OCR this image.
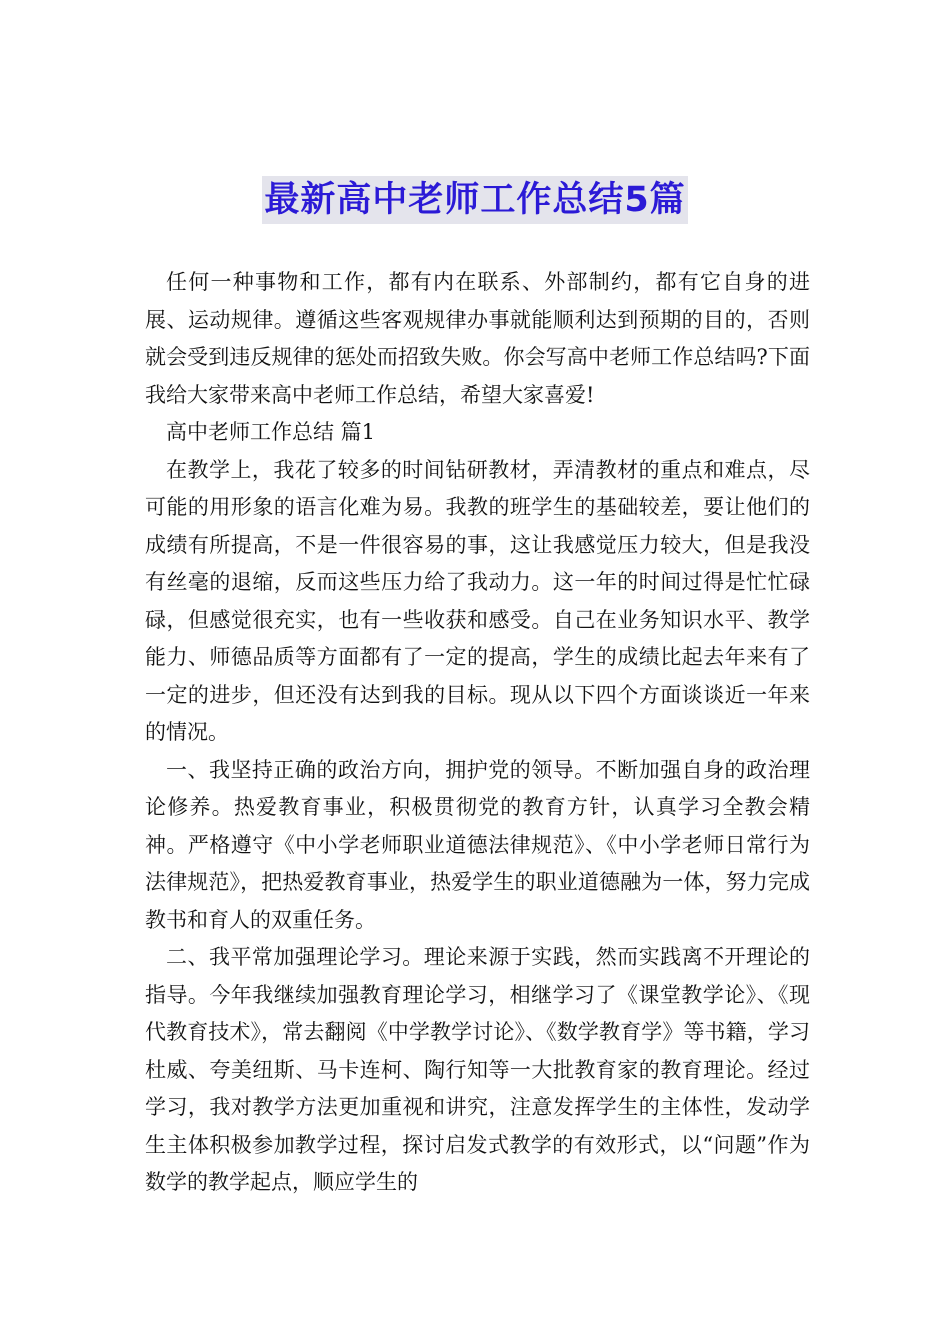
最新高中老师工作总结5篇

任何一种事物和工作，都有内在联系、外部制约，都有它自身的进展、运动规律。遵循这些客观规律办事就能顺利达到预期的目的，否则就会受到违反规律的惩处而招致失败。你会写高中老师工作总结吗?下面我给大家带来高中老师工作总结，希望大家喜爱!

高中老师工作总结 篇1

在教学上，我花了较多的时间钻研教材，弄清教材的重点和难点，尽可能的用形象的语言化难为易。我教的班学生的基础较差，要让他们的成绩有所提高，不是一件很容易的事，这让我感觉压力较大，但是我没有丝毫的退缩，反而这些压力给了我动力。这一年的时间过得是忙忙碌碌，但感觉很充实，也有一些收获和感受。自己在业务知识水平、教学能力、师德品质等方面都有了一定的提高，学生的成绩比起去年来有了一定的进步，但还没有达到我的目标。现从以下四个方面谈谈近一年来的情况。

一、我坚持正确的政治方向，拥护党的领导。不断加强自身的政治理论修养。热爱教育事业，积极贯彻党的教育方针，认真学习全教会精神。严格遵守《中小学老师职业道德法律规范》、《中小学老师日常行为法律规范》，把热爱教育事业，热爱学生的职业道德融为一体，努力完成教书和育人的双重任务。

二、我平常加强理论学习。理论来源于实践，然而实践离不开理论的指导。今年我继续加强教育理论学习，相继学习了《课堂教学论》、《现代教育技术》，常去翻阅《中学教学讨论》、《数学教育学》等书籍，学习杜威、夸美纽斯、马卡连柯、陶行知等一大批教育家的教育理论。经过学习，我对教学方法更加重视和讲究，注意发挥学生的主体性，发动学生主体积极参加教学过程，探讨启发式教学的有效形式，以“问题”作为数学的教学起点，顺应学生的
